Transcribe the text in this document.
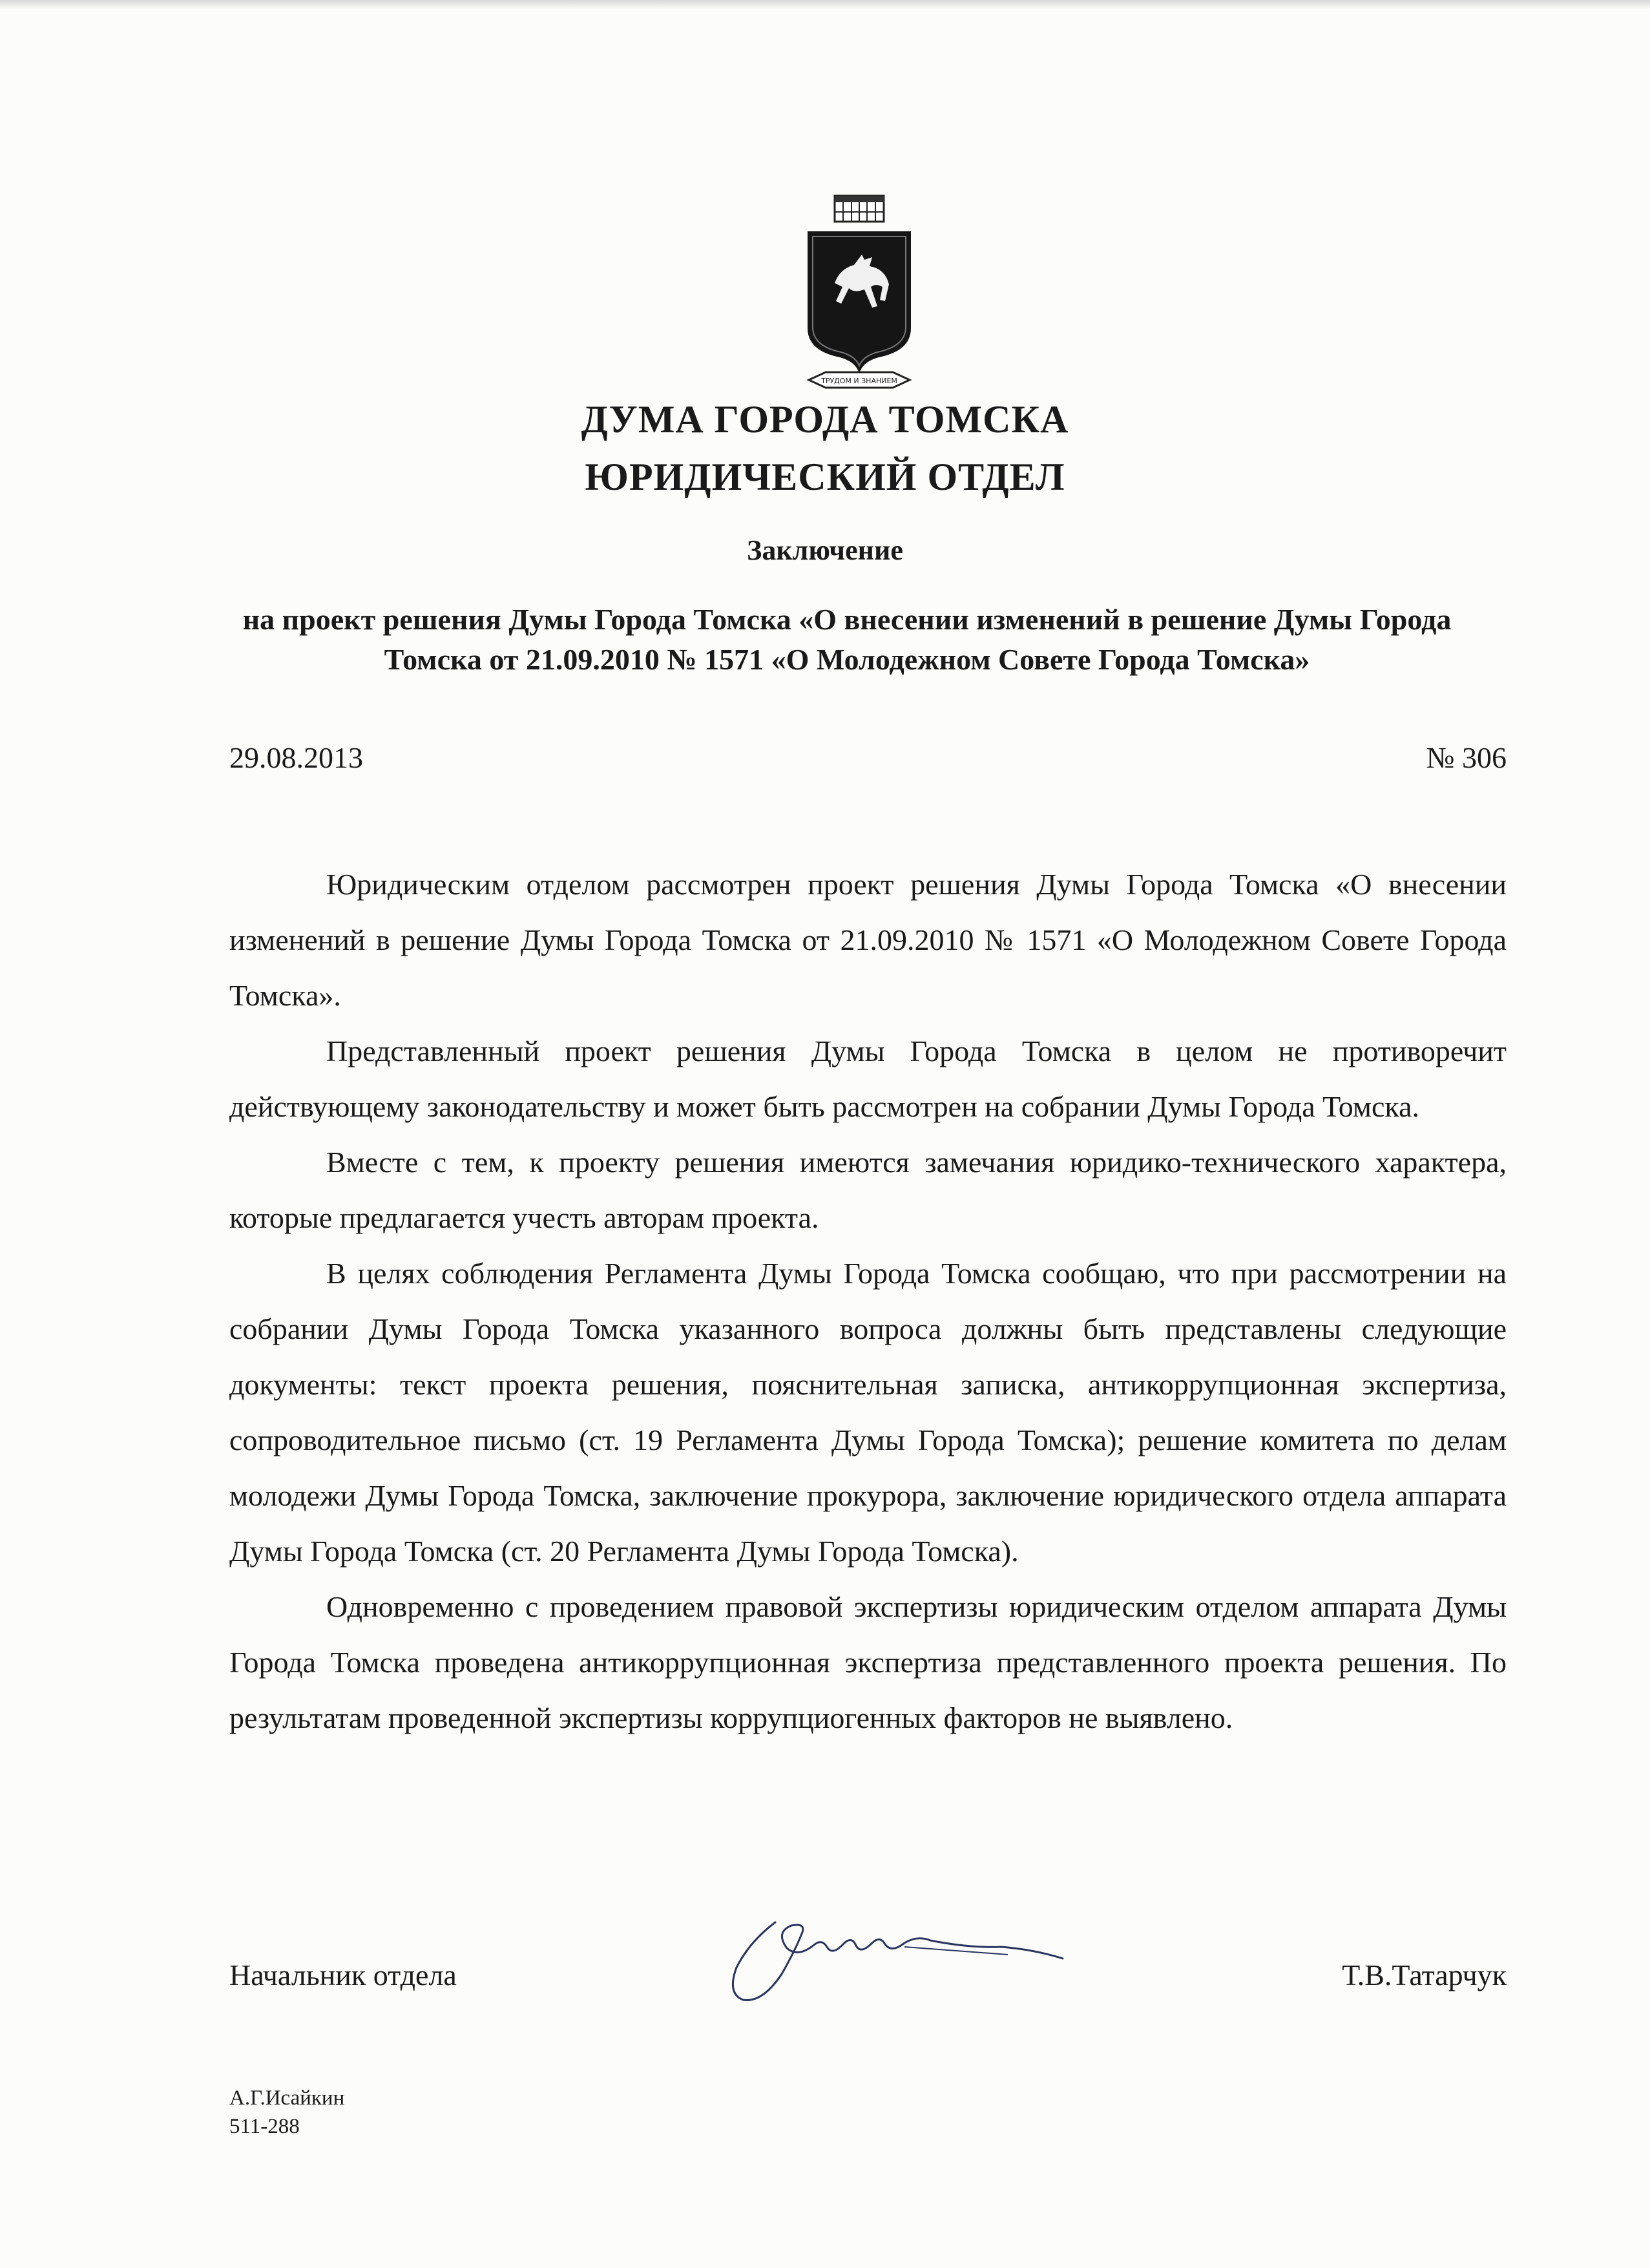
ТРУДОМ И ЗНАНИЕМ
ДУМА ГОРОДА ТОМСКА
ЮРИДИЧЕСКИЙ ОТДЕЛ
Заключение
на проект решения Думы Города Томска «О внесении изменений в решение Думы Города Томска от 21.09.2010 № 1571 «О Молодежном Совете Города Томска»
29.08.2013	№ 306

Юридическим отделом рассмотрен проект решения Думы Города Томска «О внесении изменений в решение Думы Города Томска от 21.09.2010 № 1571 «О Молодежном Совете Города Томска».

Представленный проект решения Думы Города Томска в целом не противоречит действующему законодательству и может быть рассмотрен на собрании Думы Города Томска.

Вместе с тем, к проекту решения имеются замечания юридико-технического характера, которые предлагается учесть авторам проекта.

В целях соблюдения Регламента Думы Города Томска сообщаю, что при рассмотрении на собрании Думы Города Томска указанного вопроса должны быть представлены следующие документы: текст проекта решения, пояснительная записка, антикоррупционная экспертиза, сопроводительное письмо (ст. 19 Регламента Думы Города Томска); решение комитета по делам молодежи Думы Города Томска, заключение прокурора, заключение юридического отдела аппарата Думы Города Томска (ст. 20 Регламента Думы Города Томска).

Одновременно с проведением правовой экспертизы юридическим отделом аппарата Думы Города Томска проведена антикоррупционная экспертиза представленного проекта решения. По результатам проведенной экспертизы коррупциогенных факторов не выявлено.

Начальник отдела	Т.В.Татарчук
А.Г.Исайкин
511-288
